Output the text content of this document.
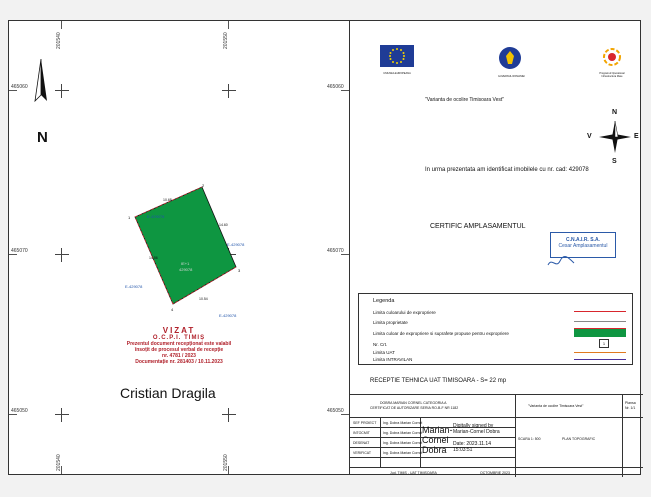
201540	201550
201540	201550
465060	465060
465070	465070
465050	465050
N
E-429078
E-429078
E-429078
E-429078
IE+1
429078
1
2
3
4
10.68
14.60
10.54
14.56
VIZAT
O.C.P.I. TIMIȘ
Prezentul document recepționat este valabil
însoțit de procesul verbal de recepție
nr. 4781 / 2023
Documentație nr. 281403 / 10.11.2023
Cristian Dragila
UNIUNEA EUROPEANA
GUVERNUL ROMANIEI
Programul Operational Infrastructura Mare
"Varianta de ocolire Timisoara Vest"
N
S
E
V
In urma prezentata am identificat imobilele cu nr. cad: 429078
CERTIFIC AMPLASAMENTUL
C.N.A.I.R. S.A.
Cesar Amplasamentul
Legenda
Limita culoarului de expropriere
Limita proprietate
Limita culoar de expropriere si suprafete propuse pentru expropriere
Nr. Crt.
Limita UAT
Limita INTRAVILAN
1
RECEPTIE TEHNICA UAT TIMISOARA - S= 22 mp
DOBRA MARIAN CORNEL CATEGORIA A
CERTIFICAT DE AUTORIZARE SERIA RO-B-F NR 1182	"Varianta de ocolire Timisoara Vest"
Plansa
Nr. 1/1
SEF PROIECT Ing. Dobra Marian Cornel
INTOCMIT	Ing. Dobra Marian Cornel
DESENAT	Ing. Dobra Marian Cornel
VERIFICAT	Ing. Dobra Marian Cornel
Marian-Cornel Dobra
Digitally signed by
Marian-Cornel Dobra
Date: 2023.11.14
15:03:51
SCARA 1: 500	PLAN TOPOGRAFIC
Jud. TIMIS - UAT TIMISOARA	OCTOMBRIE 2023
